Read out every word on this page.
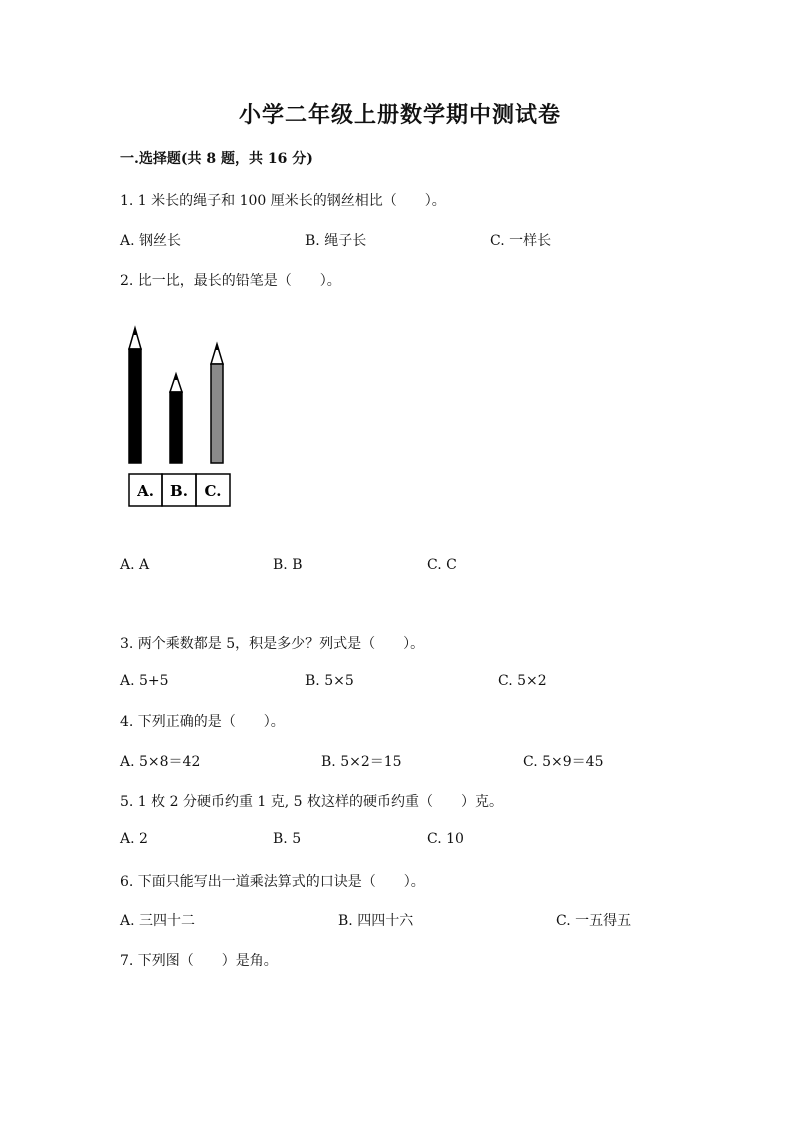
小学二年级上册数学期中测试卷
一.选择题(共 8 题，共 16 分)
1. 1 米长的绳子和 100 厘米长的钢丝相比（　　）。
A. 钢丝长	B. 绳子长	C. 一样长
2. 比一比，最长的铅笔是（　　）。
A. B. C.
A. A	B. B	C. C
3. 两个乘数都是 5，积是多少？列式是（　　）。
A. 5+5	B. 5×5	C. 5×2
4. 下列正确的是（　　）。
A. 5×8＝42	B. 5×2＝15	C. 5×9＝45
5. 1 枚 2 分硬币约重 1 克, 5 枚这样的硬币约重（　　）克。
A. 2	B. 5	C. 10
6. 下面只能写出一道乘法算式的口诀是（　　）。
A. 三四十二	B. 四四十六	C. 一五得五
7. 下列图（　　）是角。
